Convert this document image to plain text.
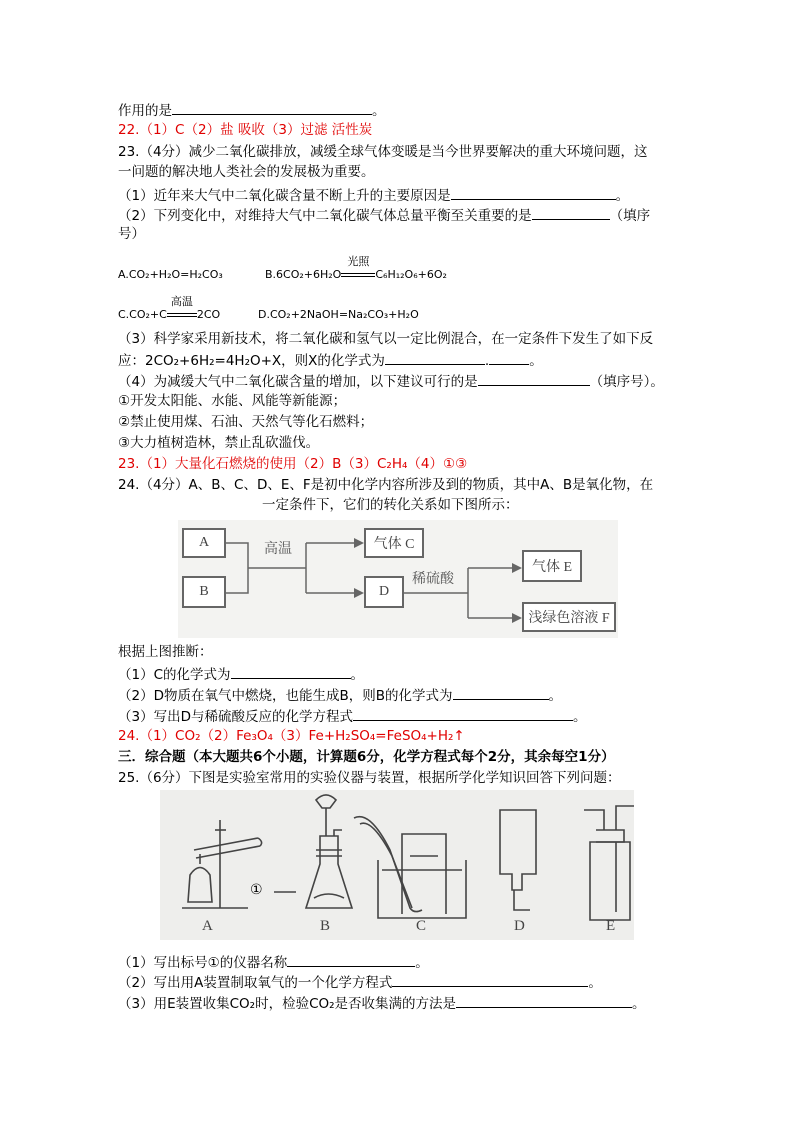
作用的是	。
22.（1）C（2）盐 吸收（3）过滤 活性炭
23.（4分）减少二氧化碳排放，减缓全球气体变暖是当今世界要解决的重大环境问题，这
一问题的解决地人类社会的发展极为重要。
（1）近年来大气中二氧化碳含量不断上升的主要原因是	。
（2）下列变化中，对维持大气中二氧化碳气体总量平衡至关重要的是	（填序
号）
A.CO₂+H₂O=H₂CO₃	B.6CO₂+6H₂O
光照
C₆H₁₂O₆+6O₂
C.CO₂+C
高温
2CO	D.CO₂+2NaOH=Na₂CO₃+H₂O
（3）科学家采用新技术，将二氧化碳和氢气以一定比例混合，在一定条件下发生了如下反
应：2CO₂+6H₂=4H₂O+X，则X的化学式为	.	。
（4）为减缓大气中二氧化碳含量的增加，以下建议可行的是	（填序号）。
①开发太阳能、水能、风能等新能源；
②禁止使用煤、石油、天然气等化石燃料；
③大力植树造林，禁止乱砍滥伐。
23.（1）大量化石燃烧的使用（2）B（3）C₂H₄（4）①③
24.（4分）A、B、C、D、E、F是初中化学内容所涉及到的物质，其中A、B是氧化物，在
一定条件下，它们的转化关系如下图所示：
A
B
高温	气体 C
D
稀硫酸
气体 E
浅绿色溶液 F
根据上图推断：
（1）C的化学式为	。
（2）D物质在氧气中燃烧，也能生成B，则B的化学式为	。
（3）写出D与稀硫酸反应的化学方程式	。
24.（1）CO₂（2）Fe₃O₄（3）Fe+H₂SO₄=FeSO₄+H₂↑
三．综合题（本大题共6个小题，计算题6分，化学方程式每个2分，其余每空1分）
25.（6分）下图是实验室常用的实验仪器与装置，根据所学化学知识回答下列问题：
①
A	B	C	D	E
（1）写出标号①的仪器名称	。
（2）写出用A装置制取氧气的一个化学方程式	。
（3）用E装置收集CO₂时，检验CO₂是否收集满的方法是	。
